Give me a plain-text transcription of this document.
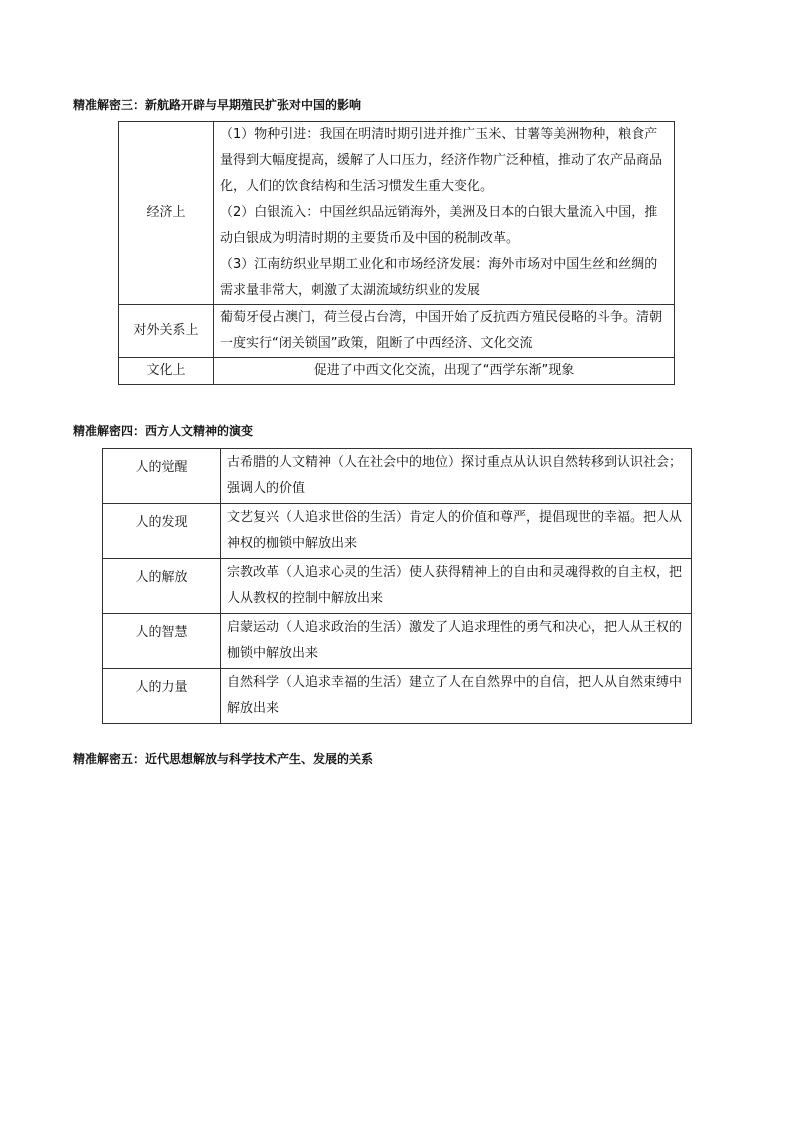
精准解密三：新航路开辟与早期殖民扩张对中国的影响
经济上	（1）物种引进：我国在明清时期引进并推广玉米、甘薯等美洲物种，粮食产量得到大幅度提高，缓解了人口压力，经济作物广泛种植，推动了农产品商品化，人们的饮食结构和生活习惯发生重大变化。

（2）白银流入：中国丝织品远销海外，美洲及日本的白银大量流入中国，推动白银成为明清时期的主要货币及中国的税制改革。

（3）江南纺织业早期工业化和市场经济发展：海外市场对中国生丝和丝绸的需求量非常大，刺激了太湖流域纺织业的发展

对外关系上	葡萄牙侵占澳门，荷兰侵占台湾，中国开始了反抗西方殖民侵略的斗争。清朝一度实行“闭关锁国”政策，阻断了中西经济、文化交流

文化上	促进了中西文化交流，出现了“西学东渐”现象

精准解密四：西方人文精神的演变
人的觉醒	古希腊的人文精神（人在社会中的地位）探讨重点从认识自然转移到认识社会；强调人的价值
人的发现	文艺复兴（人追求世俗的生活）肯定人的价值和尊严，提倡现世的幸福。把人从神权的枷锁中解放出来
人的解放	宗教改革（人追求心灵的生活）使人获得精神上的自由和灵魂得救的自主权，把人从教权的控制中解放出来
人的智慧	启蒙运动（人追求政治的生活）激发了人追求理性的勇气和决心，把人从王权的枷锁中解放出来
人的力量	自然科学（人追求幸福的生活）建立了人在自然界中的自信，把人从自然束缚中解放出来
精准解密五：近代思想解放与科学技术产生、发展的关系
